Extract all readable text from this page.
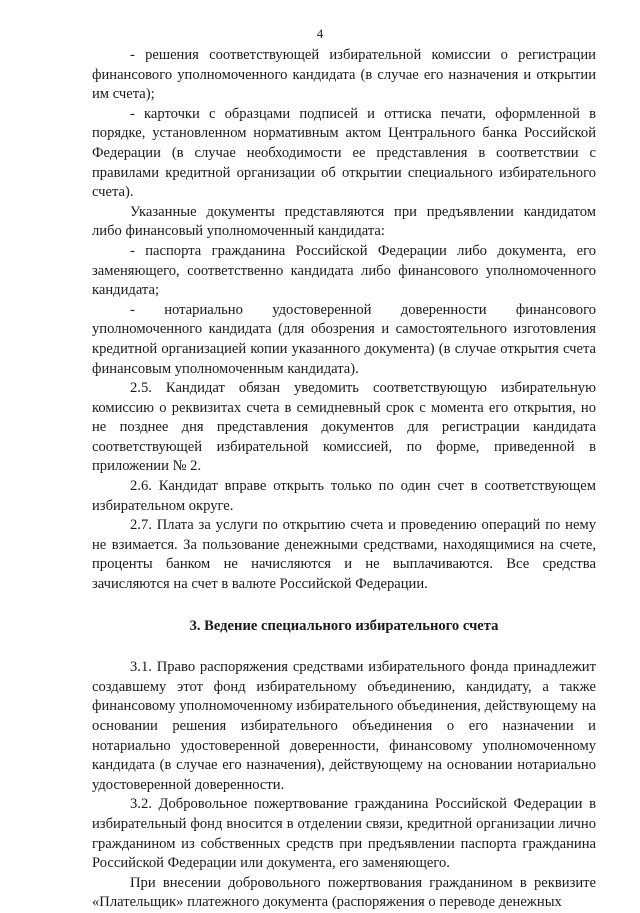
4

- решения соответствующей избирательной комиссии о регистрации финансового уполномоченного кандидата (в случае его назначения и открытии им счета);

- карточки с образцами подписей и оттиска печати, оформленной в порядке, установленном нормативным актом Центрального банка Российской Федерации (в случае необходимости ее представления в соответствии с правилами кредитной организации об открытии специального избирательного счета).

Указанные документы представляются при предъявлении кандидатом либо финансовый уполномоченный кандидата:

- паспорта гражданина Российской Федерации либо документа, его заменяющего, соответственно кандидата либо финансового уполномоченного кандидата;

- нотариально удостоверенной доверенности финансового уполномоченного кандидата (для обозрения и самостоятельного изготовления кредитной организацией копии указанного документа) (в случае открытия счета финансовым уполномоченным кандидата).

2.5. Кандидат обязан уведомить соответствующую избирательную комиссию о реквизитах счета в семидневный срок с момента его открытия, но не позднее дня представления документов для регистрации кандидата соответствующей избирательной комиссией, по форме, приведенной в приложении № 2.

2.6. Кандидат вправе открыть только по один счет в соответствующем избирательном округе.

2.7. Плата за услуги по открытию счета и проведению операций по нему не взимается. За пользование денежными средствами, находящимися на счете, проценты банком не начисляются и не выплачиваются. Все средства зачисляются на счет в валюте Российской Федерации.

3. Ведение специального избирательного счета

3.1. Право распоряжения средствами избирательного фонда принадлежит создавшему этот фонд избирательному объединению, кандидату, а также финансовому уполномоченному избирательного объединения, действующему на основании решения избирательного объединения о его назначении и нотариально удостоверенной доверенности, финансовому уполномоченному кандидата (в случае его назначения), действующему на основании нотариально удостоверенной доверенности.

3.2. Добровольное пожертвование гражданина Российской Федерации в избирательный фонд вносится в отделении связи, кредитной организации лично гражданином из собственных средств при предъявлении паспорта гражданина Российской Федерации или документа, его заменяющего.

При внесении добровольного пожертвования гражданином в реквизите «Плательщик» платежного документа (распоряжения о переводе денежных
